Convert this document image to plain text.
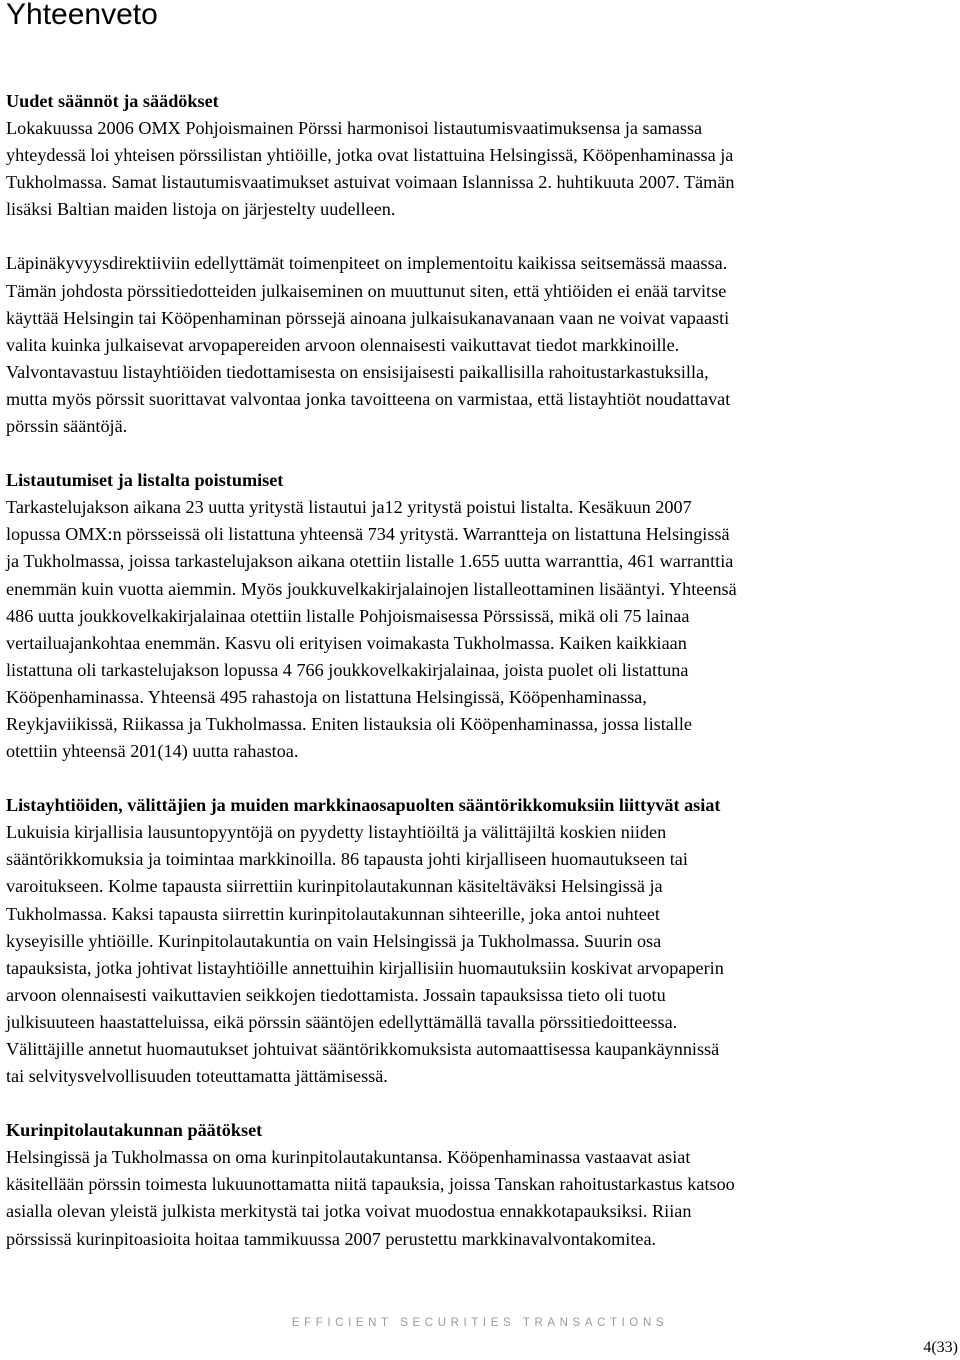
Yhteenveto
Uudet säännöt ja säädökset
Lokakuussa 2006 OMX Pohjoismainen Pörssi harmonisoi listautumisvaatimuksensa ja samassa
yhteydessä loi yhteisen pörssilistan yhtiöille, jotka ovat listattuina Helsingissä, Kööpenhaminassa ja
Tukholmassa. Samat listautumisvaatimukset astuivat voimaan Islannissa 2. huhtikuuta 2007. Tämän
lisäksi Baltian maiden listoja on järjestelty uudelleen.
Läpinäkyvyysdirektiiviin edellyttämät toimenpiteet on implementoitu kaikissa seitsemässä maassa.
Tämän johdosta pörssitiedotteiden julkaiseminen on muuttunut siten, että yhtiöiden ei enää tarvitse
käyttää Helsingin tai Kööpenhaminan pörssejä ainoana julkaisukanavanaan vaan ne voivat vapaasti
valita kuinka julkaisevat arvopapereiden arvoon olennaisesti vaikuttavat tiedot markkinoille.
Valvontavastuu listayhtiöiden tiedottamisesta on ensisijaisesti paikallisilla rahoitustarkastuksilla,
mutta myös pörssit suorittavat valvontaa jonka tavoitteena on varmistaa, että listayhtiöt noudattavat
pörssin sääntöjä.
Listautumiset ja listalta poistumiset
Tarkastelujakson aikana 23 uutta yritystä listautui ja12 yritystä poistui listalta. Kesäkuun 2007
lopussa OMX:n pörsseissä oli listattuna yhteensä 734 yritystä. Warrantteja on listattuna Helsingissä
ja Tukholmassa, joissa tarkastelujakson aikana otettiin listalle 1.655 uutta warranttia, 461 warranttia
enemmän kuin vuotta aiemmin. Myös joukkuvelkakirjalainojen listalleottaminen lisääntyi. Yhteensä
486 uutta joukkovelkakirjalainaa otettiin listalle Pohjoismaisessa Pörssissä, mikä oli 75 lainaa
vertailuajankohtaa enemmän. Kasvu oli erityisen voimakasta Tukholmassa. Kaiken kaikkiaan
listattuna oli tarkastelujakson lopussa 4 766 joukkovelkakirjalainaa, joista puolet oli listattuna
Kööpenhaminassa. Yhteensä 495 rahastoja on listattuna Helsingissä, Kööpenhaminassa,
Reykjaviikissä, Riikassa ja Tukholmassa. Eniten listauksia oli Kööpenhaminassa, jossa listalle
otettiin yhteensä 201(14) uutta rahastoa.
Listayhtiöiden, välittäjien ja muiden markkinaosapuolten sääntörikkomuksiin liittyvät asiat
Lukuisia kirjallisia lausuntopyyntöjä on pyydetty listayhtiöiltä ja välittäjiltä koskien niiden
sääntörikkomuksia ja toimintaa markkinoilla. 86 tapausta johti kirjalliseen huomautukseen tai
varoitukseen. Kolme tapausta siirrettiin kurinpitolautakunnan käsiteltäväksi Helsingissä ja
Tukholmassa. Kaksi tapausta siirrettin kurinpitolautakunnan sihteerille, joka antoi nuhteet
kyseyisille yhtiöille. Kurinpitolautakuntia on vain Helsingissä ja Tukholmassa. Suurin osa
tapauksista, jotka johtivat listayhtiöille annettuihin kirjallisiin huomautuksiin koskivat arvopaperin
arvoon olennaisesti vaikuttavien seikkojen tiedottamista. Jossain tapauksissa tieto oli tuotu
julkisuuteen haastatteluissa, eikä pörssin sääntöjen edellyttämällä tavalla pörssitiedoitteessa.
Välittäjille annetut huomautukset johtuivat sääntörikkomuksista automaattisessa kaupankäynnissä
tai selvitysvelvollisuuden toteuttamatta jättämisessä.
Kurinpitolautakunnan päätökset
Helsingissä ja Tukholmassa on oma kurinpitolautakuntansa. Kööpenhaminassa vastaavat asiat
käsitellään pörssin toimesta lukuunottamatta niitä tapauksia, joissa Tanskan rahoitustarkastus katsoo
asialla olevan yleistä julkista merkitystä tai jotka voivat muodostua ennakkotapauksiksi. Riian
pörssissä kurinpitoasioita hoitaa tammikuussa 2007 perustettu markkinavalvontakomitea.
EFFICIENT SECURITIES TRANSACTIONS
4(33)
